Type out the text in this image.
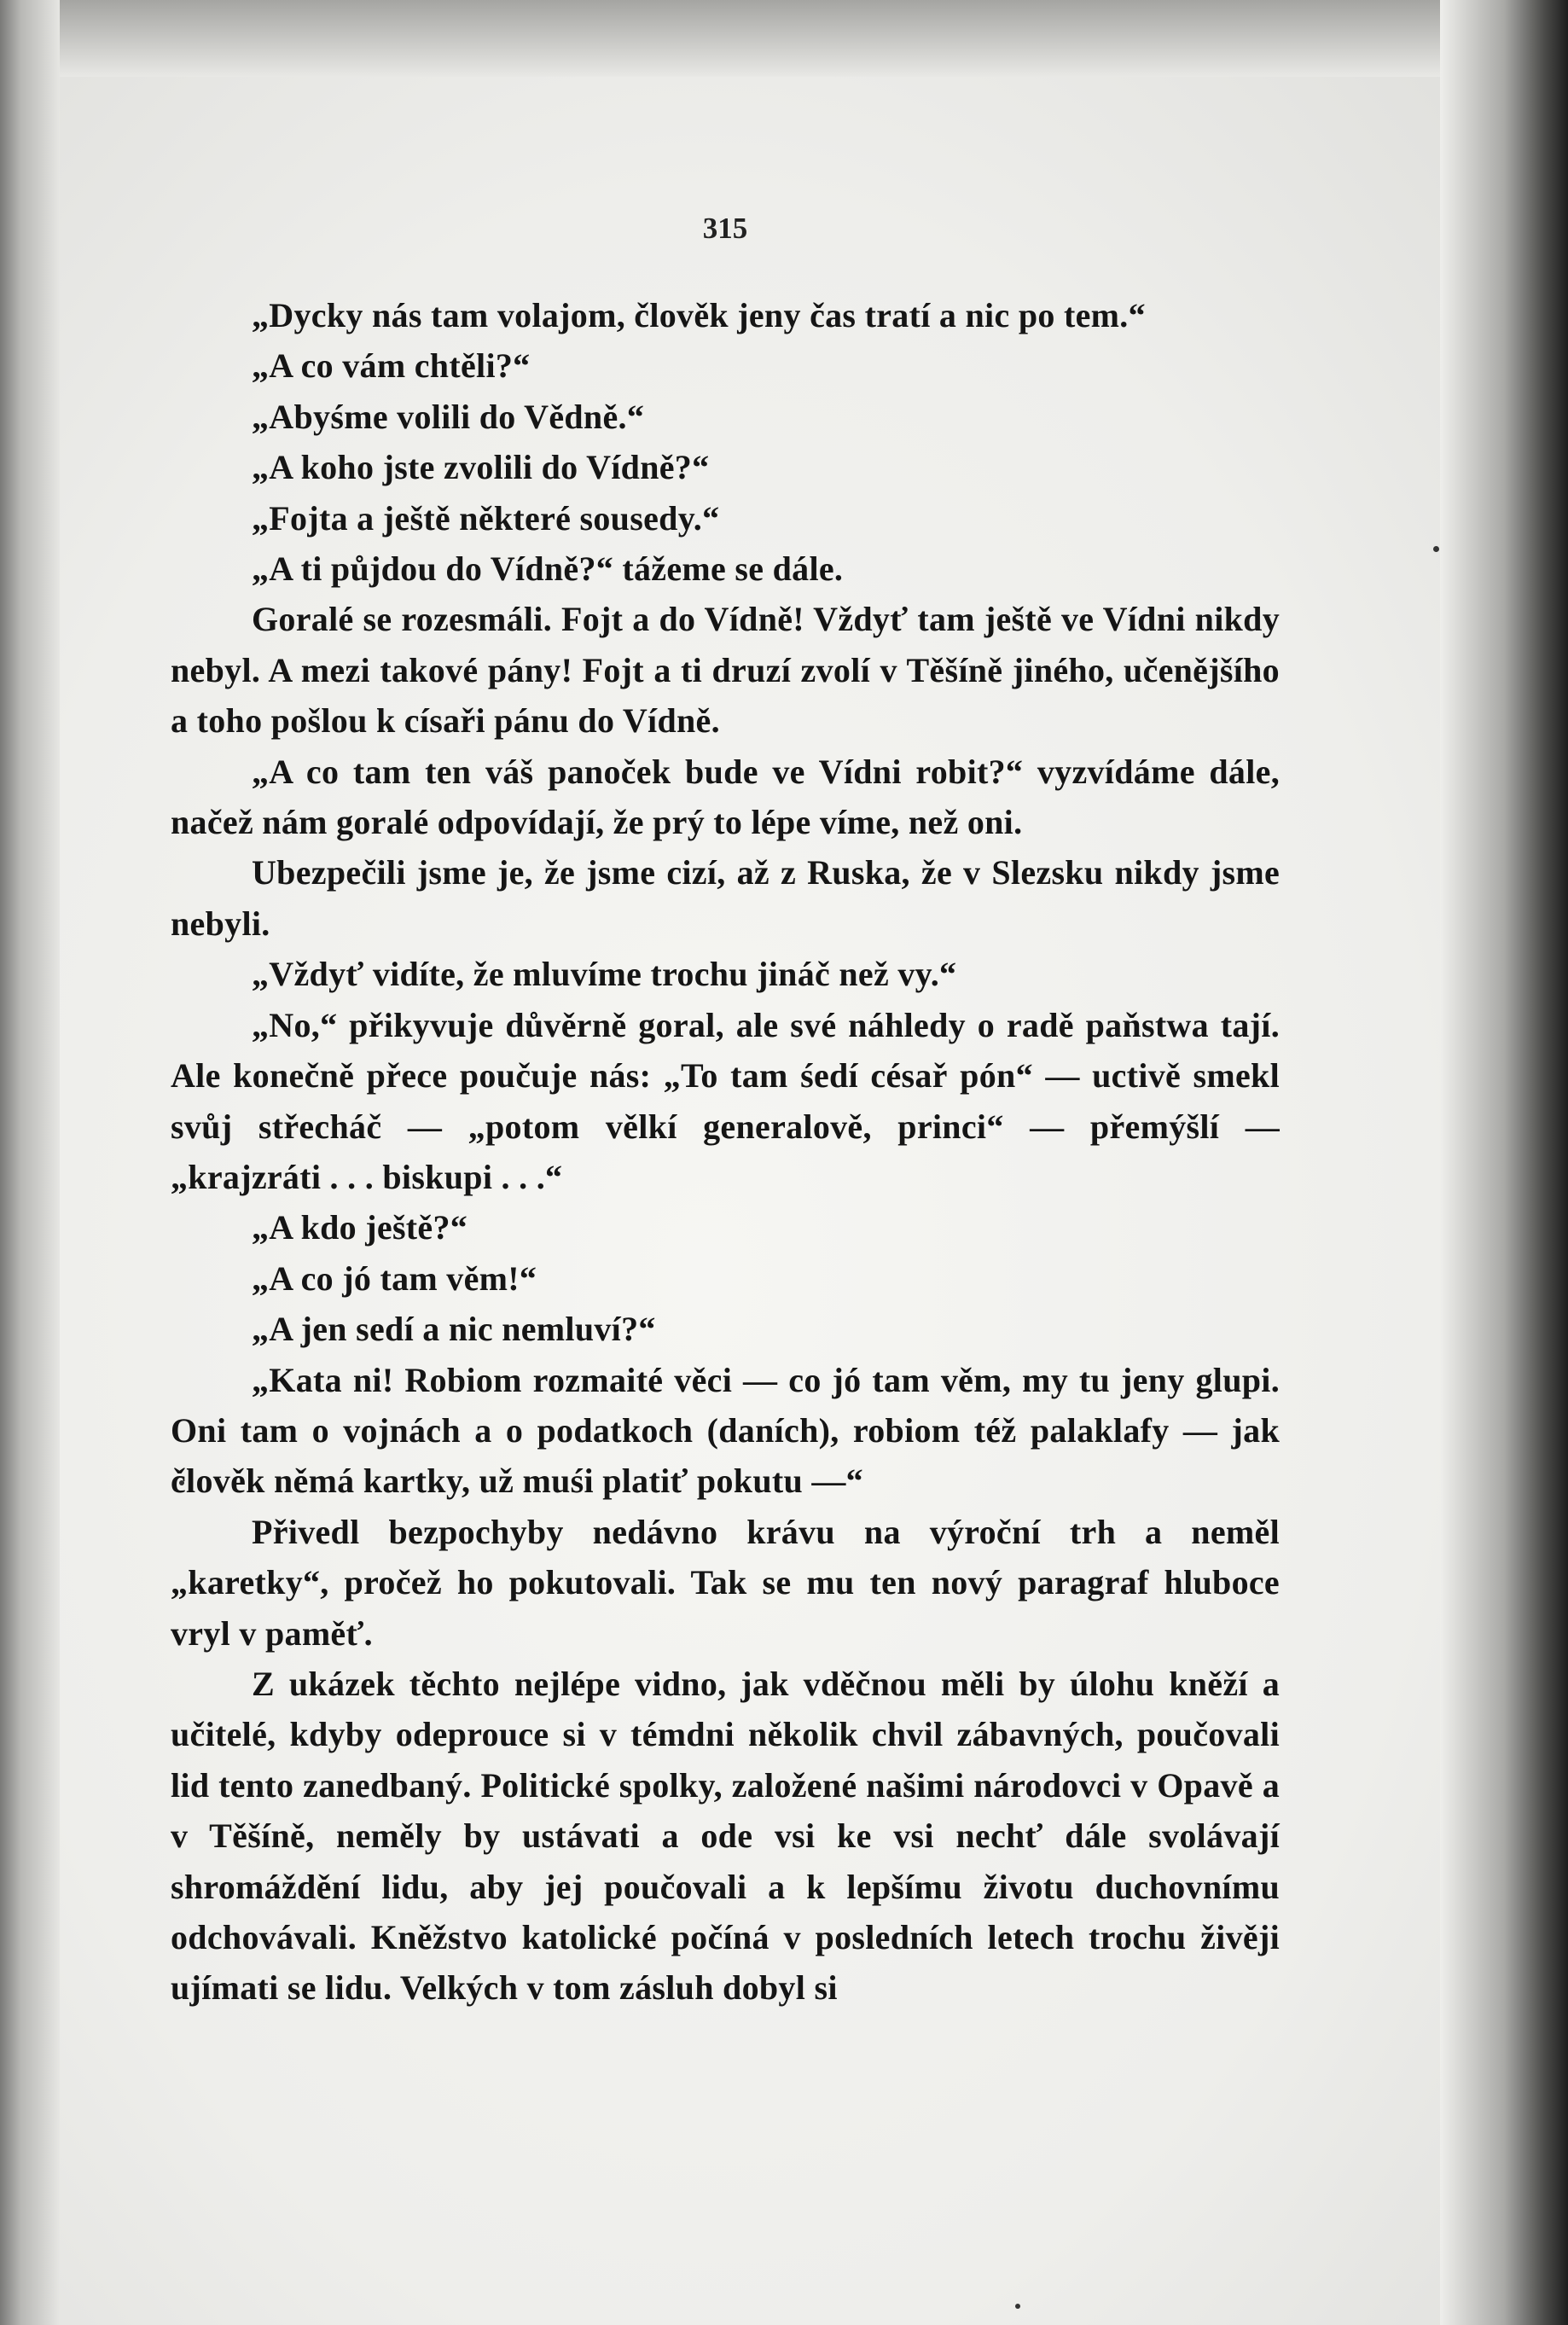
315

„Dycky nás tam volajom, člověk jeny čas tratí a nic po tem.“

„A co vám chtěli?“

„Abyśme volili do Vědně.“

„A koho jste zvolili do Vídně?“

„Fojta a ještě některé sousedy.“

„A ti půjdou do Vídně?“ tážeme se dále.

Goralé se rozesmáli. Fojt a do Vídně! Vždyť tam ještě ve Vídni nikdy nebyl. A mezi takové pány! Fojt a ti druzí zvolí v Těšíně jiného, učenějšího a toho pošlou k císaři pánu do Vídně.

„A co tam ten váš panoček bude ve Vídni robit?“ vyzvídáme dále, načež nám goralé odpovídají, že prý to lépe víme, než oni.

Ubezpečili jsme je, že jsme cizí, až z Ruska, že v Slezsku nikdy jsme nebyli.

„Vždyť vidíte, že mluvíme trochu jináč než vy.“

„No,“ přikyvuje důvěrně goral, ale své náhledy o radě paňstwa tají. Ale konečně přece poučuje nás: „To tam śedí césař pón“ — uctivě smekl svůj střecháč — „potom vělkí generalově, princi“ — přemýšlí — „krajzráti . . . biskupi . . .“

„A kdo ještě?“

„A co jó tam věm!“

„A jen sedí a nic nemluví?“

„Kata ni! Robiom rozmaité věci — co jó tam věm, my tu jeny glupi. Oni tam o vojnách a o podatkoch (daních), robiom též palaklafy — jak člověk němá kartky, už muśi platiť pokutu —“

Přivedl bezpochyby nedávno krávu na výroční trh a neměl „karetky“, pročež ho pokutovali. Tak se mu ten nový paragraf hluboce vryl v paměť.

Z ukázek těchto nejlépe vidno, jak vděčnou měli by úlohu kněží a učitelé, kdyby odeprouce si v témdni několik chvil zábavných, poučovali lid tento zanedbaný. Politické spolky, založené našimi národovci v Opavě a v Těšíně, neměly by ustávati a ode vsi ke vsi nechť dále svolávají shromáždění lidu, aby jej poučovali a k lepšímu životu duchovnímu odchovávali. Kněžstvo katolické počíná v posledních letech trochu živěji ujímati se lidu. Velkých v tom zásluh dobyl si
